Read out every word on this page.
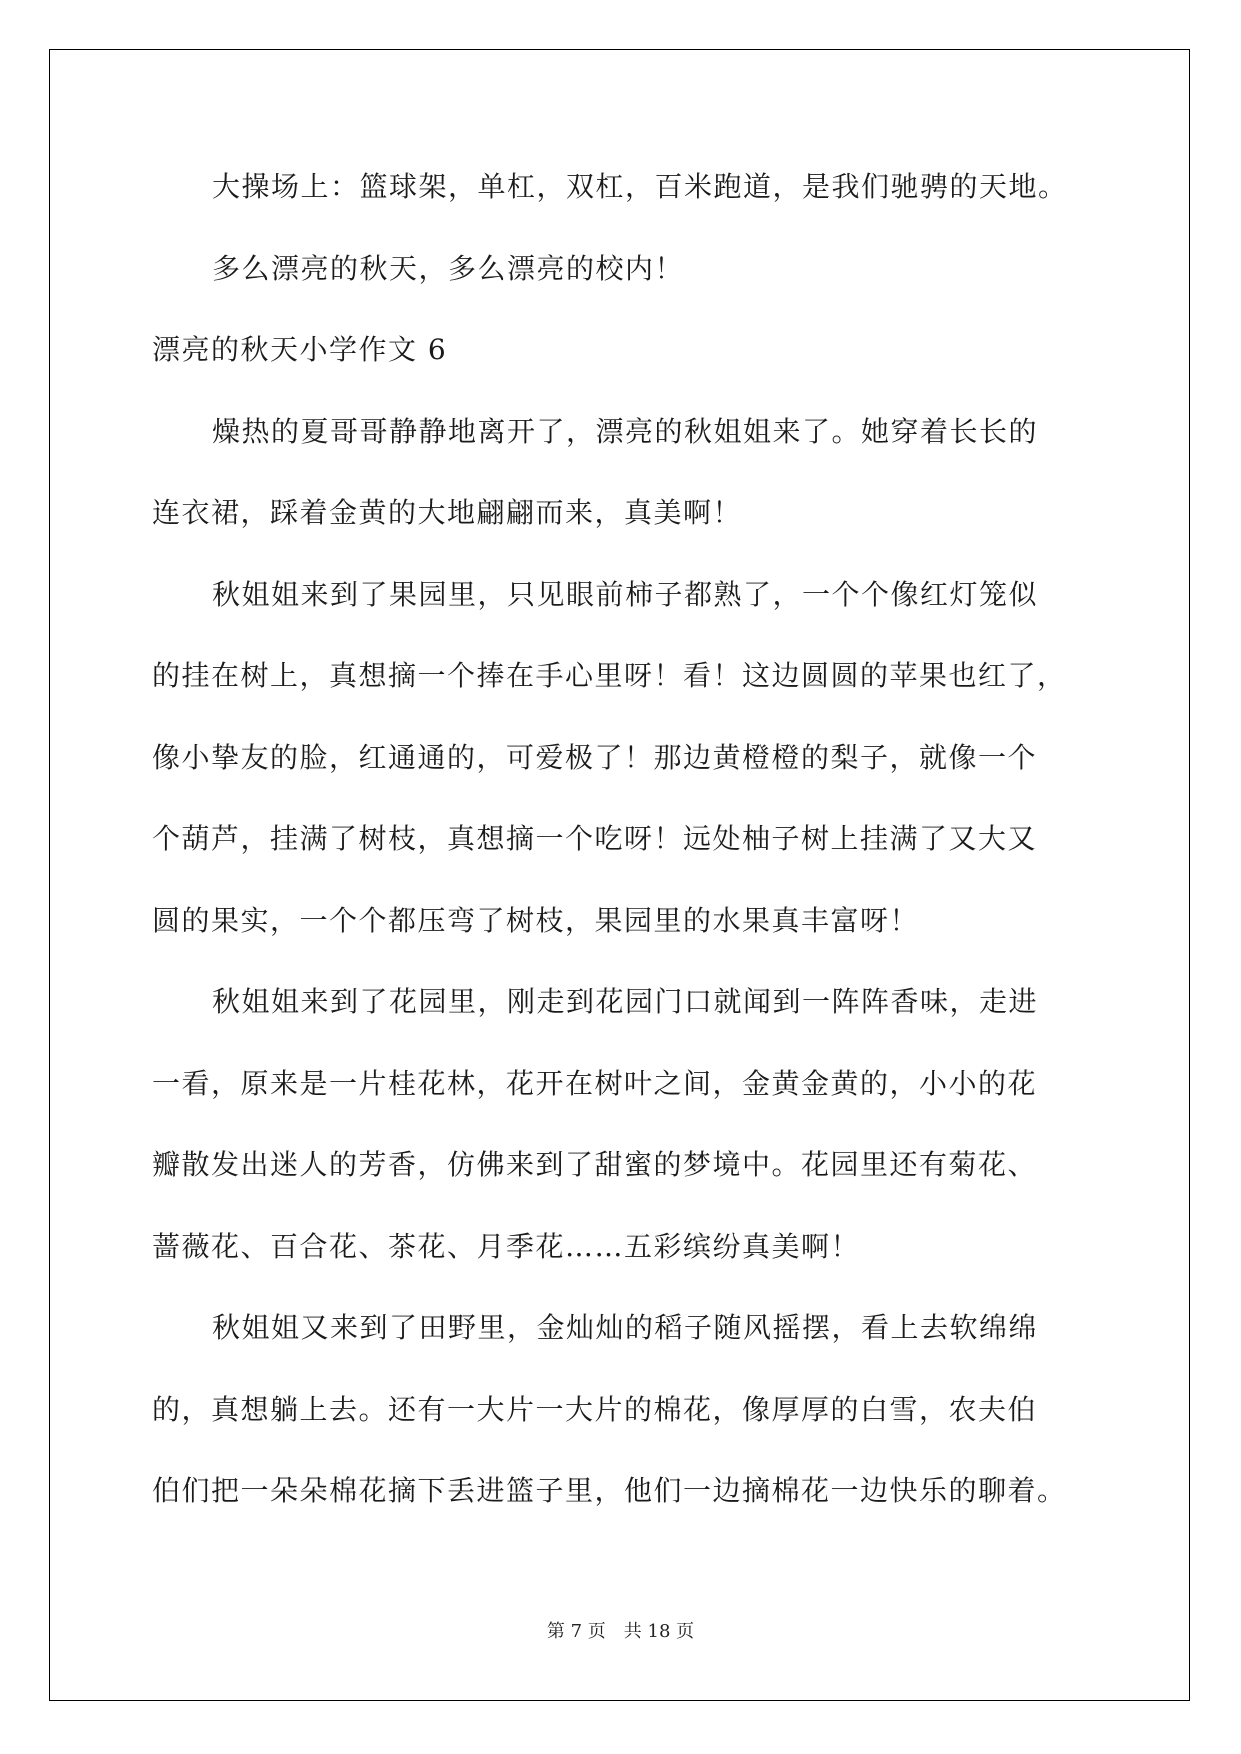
大操场上：篮球架，单杠，双杠，百米跑道，是我们驰骋的天地。
多么漂亮的秋天，多么漂亮的校内！
漂亮的秋天小学作文 6
燥热的夏哥哥静静地离开了，漂亮的秋姐姐来了。她穿着长长的
连衣裙，踩着金黄的大地翩翩而来，真美啊！
秋姐姐来到了果园里，只见眼前柿子都熟了，一个个像红灯笼似
的挂在树上，真想摘一个捧在手心里呀！看！这边圆圆的苹果也红了，
像小挚友的脸，红通通的，可爱极了！那边黄橙橙的梨子，就像一个
个葫芦，挂满了树枝，真想摘一个吃呀！远处柚子树上挂满了又大又
圆的果实，一个个都压弯了树枝，果园里的水果真丰富呀！
秋姐姐来到了花园里，刚走到花园门口就闻到一阵阵香味，走进
一看，原来是一片桂花林，花开在树叶之间，金黄金黄的，小小的花
瓣散发出迷人的芳香，仿佛来到了甜蜜的梦境中。花园里还有菊花、
蔷薇花、百合花、茶花、月季花……五彩缤纷真美啊！
秋姐姐又来到了田野里，金灿灿的稻子随风摇摆，看上去软绵绵
的，真想躺上去。还有一大片一大片的棉花，像厚厚的白雪，农夫伯
伯们把一朵朵棉花摘下丢进篮子里，他们一边摘棉花一边快乐的聊着。
第 7 页　共 18 页
